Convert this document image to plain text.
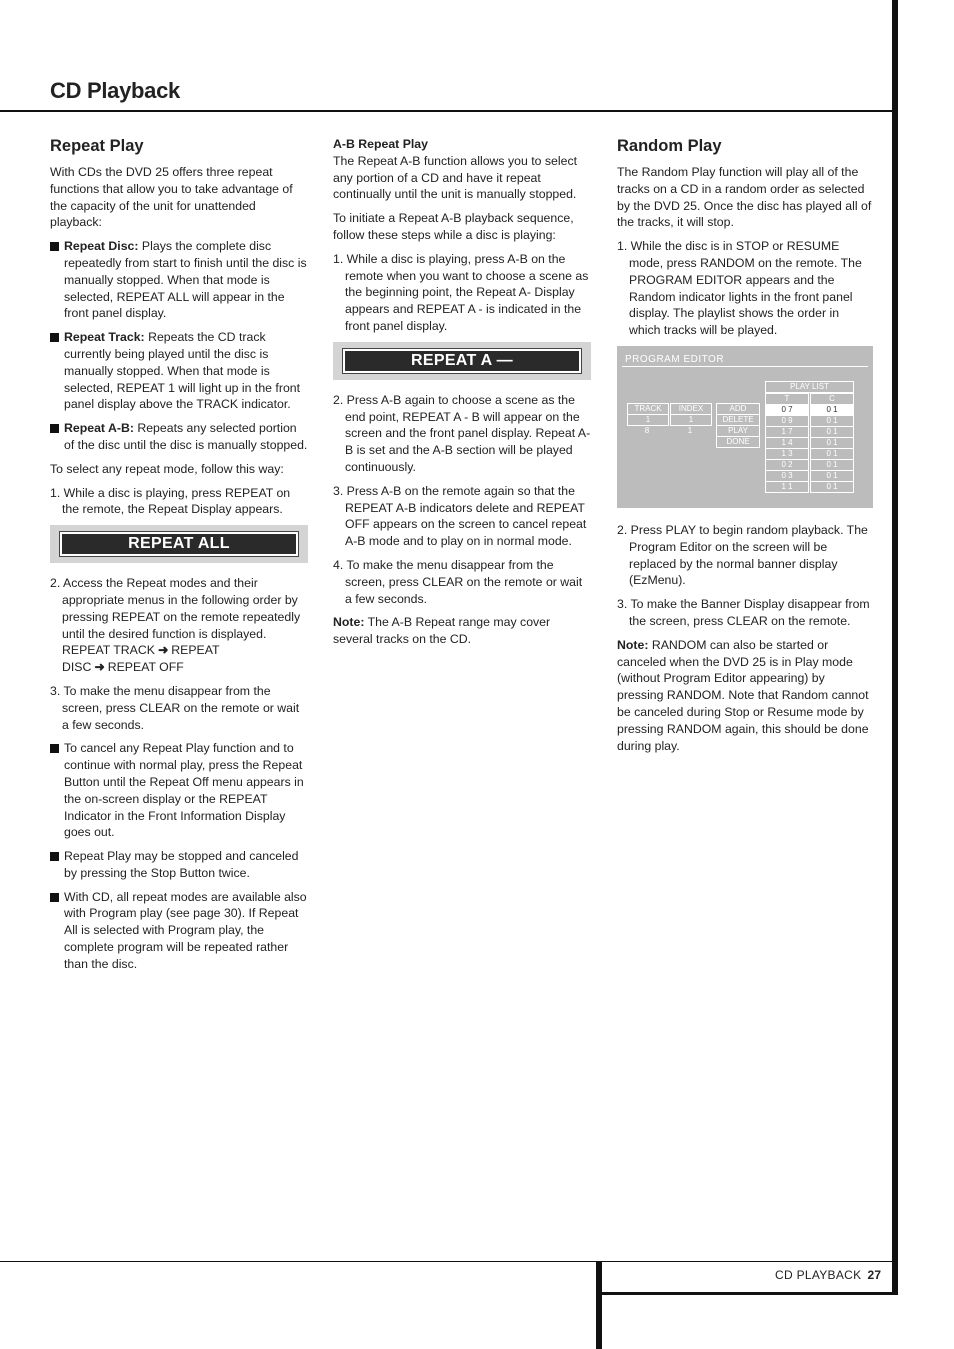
CD Playback
Repeat Play

With CDs the DVD 25 offers three repeat functions that allow you to take advantage of the capacity of the unit for unattended playback:

Repeat Disc: Plays the complete disc repeatedly from start to finish until the disc is manually stopped. When that mode is selected, REPEAT ALL will appear in the front panel display.
Repeat Track: Repeats the CD track currently being played until the disc is manually stopped. When that mode is selected, REPEAT 1 will light up in the front panel display above the TRACK indicator.
Repeat A-B: Repeats any selected portion of the disc until the disc is manually stopped.

To select any repeat mode, follow this way:

1. While a disc is playing, press REPEAT on the remote, the Repeat Display appears.

REPEAT ALL
2. Access the Repeat modes and their appropriate menus in the following order by pressing REPEAT on the remote repeatedly until the desired function is displayed.
REPEAT TRACK ➜ REPEAT DISC ➜ REPEAT OFF

3. To make the menu disappear from the screen, press CLEAR on the remote or wait a few seconds.

To cancel any Repeat Play function and to continue with normal play, press the Repeat Button until the Repeat Off menu appears in the on-screen display or the REPEAT Indicator in the Front Information Display goes out.
Repeat Play may be stopped and canceled by pressing the Stop Button twice.
With CD, all repeat modes are available also with Program play (see page 30). If Repeat All is selected with Program play, the complete program will be repeated rather than the disc.
A-B Repeat Play

The Repeat A-B function allows you to select any portion of a CD and have it repeat continually until the unit is manually stopped.

To initiate a Repeat A-B playback sequence, follow these steps while a disc is playing:

1. While a disc is playing, press A-B on the remote when you want to choose a scene as the beginning point, the Repeat A- Display appears and REPEAT A - is indicated in the front panel display.

REPEAT A —

2. Press A-B again to choose a scene as the end point, REPEAT A - B will appear on the screen and the front panel display. Repeat A-B is set and the A-B section will be played continuously.

3. Press A-B on the remote again so that the REPEAT A-B indicators delete and REPEAT OFF appears on the screen to cancel repeat A-B mode and to play on in normal mode.

4. To make the menu disappear from the screen, press CLEAR on the remote or wait a few seconds.

Note: The A-B Repeat range may cover several tracks on the CD.

Random Play

The Random Play function will play all of the tracks on a CD in a random order as selected by the DVD 25. Once the disc has played all of the tracks, it will stop.

1. While the disc is in STOP or RESUME mode, press RANDOM on the remote. The PROGRAM EDITOR appears and the Random indicator lights in the front panel display. The playlist shows the order in which tracks will be played.

PROGRAM EDITOR
TRACK	INDEX
1	1
8	1
ADD
DELETE
PLAY
DONE
PLAY LIST
T	C
0 7	0 1
0 9	0 1
1 7	0 1
1 4	0 1
1 3	0 1
0 2	0 1
0 3	0 1
1 1	0 1

2. Press PLAY to begin random playback. The Program Editor on the screen will be replaced by the normal banner display (EzMenu).

3. To make the Banner Display disappear from the screen, press CLEAR on the remote.

Note: RANDOM can also be started or canceled when the DVD 25 is in Play mode (without Program Editor appearing) by pressing RANDOM. Note that Random cannot be canceled during Stop or Resume mode by pressing RANDOM again, this should be done during play.

CD PLAYBACK 27
